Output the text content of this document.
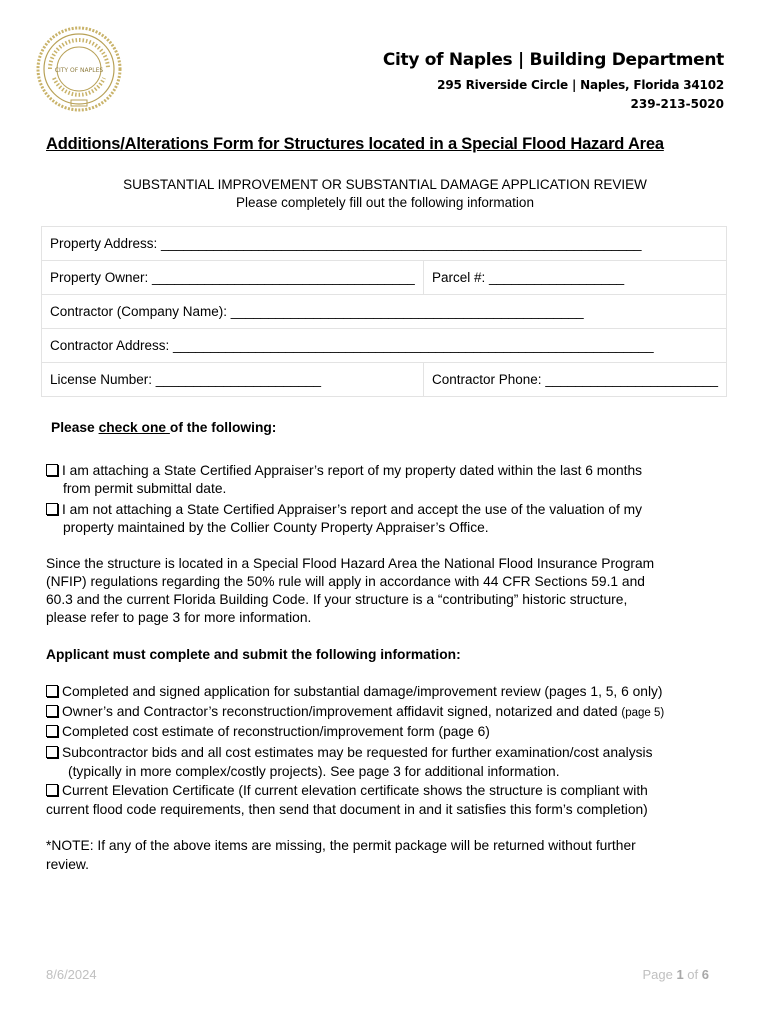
CITY OF NAPLES
City of Naples | Building Department
295 Riverside Circle | Naples, Florida 34102
239-213-5020
Additions/Alterations Form for Structures located in a Special Flood Hazard Area
SUBSTANTIAL IMPROVEMENT OR SUBSTANTIAL DAMAGE APPLICATION REVIEW
Please completely fill out the following information
Property Address: ________________________________________________________________	
Property Owner: ___________________________________	Parcel #: __________________
Contractor (Company Name): _______________________________________________	
Contractor Address: ________________________________________________________________	
License Number: ______________________	Contractor Phone: _______________________
Please check one of the following:
I am attaching a State Certified Appraiser’s report of my property dated within the last 6 months
from permit submittal date.
I am not attaching a State Certified Appraiser’s report and accept the use of the valuation of my
property maintained by the Collier County Property Appraiser’s Office.
Since the structure is located in a Special Flood Hazard Area the National Flood Insurance Program
(NFIP) regulations regarding the 50% rule will apply in accordance with 44 CFR Sections 59.1 and
60.3 and the current Florida Building Code. If your structure is a “contributing” historic structure,
please refer to page 3 for more information.
Applicant must complete and submit the following information:
Completed and signed application for substantial damage/improvement review (pages 1, 5, 6 only)
Owner’s and Contractor’s reconstruction/improvement affidavit signed, notarized and dated (page 5)
Completed cost estimate of reconstruction/improvement form (page 6)
Subcontractor bids and all cost estimates may be requested for further examination/cost analysis
(typically in more complex/costly projects). See page 3 for additional information.
Current Elevation Certificate (If current elevation certificate shows the structure is compliant with
current flood code requirements, then send that document in and it satisfies this form’s completion)
*NOTE: If any of the above items are missing, the permit package will be returned without further
review.
8/6/2024	Page 1 of 6
